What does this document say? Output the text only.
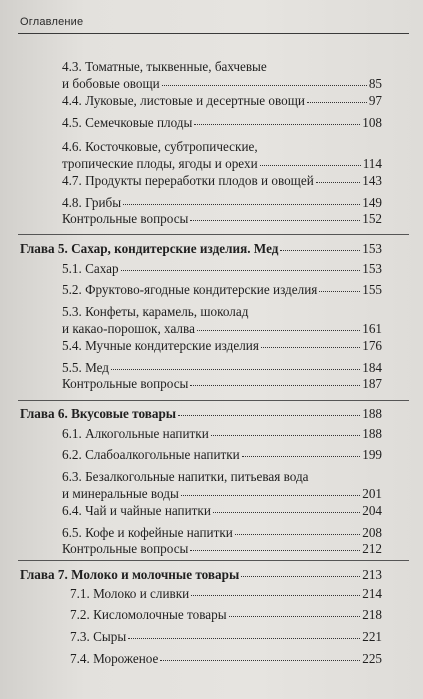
Оглавление
4.3. Томатные, тыквенные, бахчевые
и бобовые овощи	85
4.4. Луковые, листовые и десертные овощи	97
4.5. Семечковые плоды	108
4.6. Косточковые, субтропические,
тропические плоды, ягоды и орехи	114
4.7. Продукты переработки плодов и овощей	143
4.8. Грибы	149
Контрольные вопросы	152
Глава 5. Сахар, кондитерские изделия. Мед	153
5.1. Сахар	153
5.2. Фруктово-ягодные кондитерские изделия	155
5.3. Конфеты, карамель, шоколад
и какао-порошок, халва	161
5.4. Мучные кондитерские изделия	176
5.5. Мед	184
Контрольные вопросы	187
Глава 6. Вкусовые товары	188
6.1. Алкогольные напитки	188
6.2. Слабоалкогольные напитки	199
6.3. Безалкогольные напитки, питьевая вода
и минеральные воды	201
6.4. Чай и чайные напитки	204
6.5. Кофе и кофейные напитки	208
Контрольные вопросы	212
Глава 7. Молоко и молочные товары	213
7.1. Молоко и сливки	214
7.2. Кисломолочные товары	218
7.3. Сыры	221
7.4. Мороженое	225
